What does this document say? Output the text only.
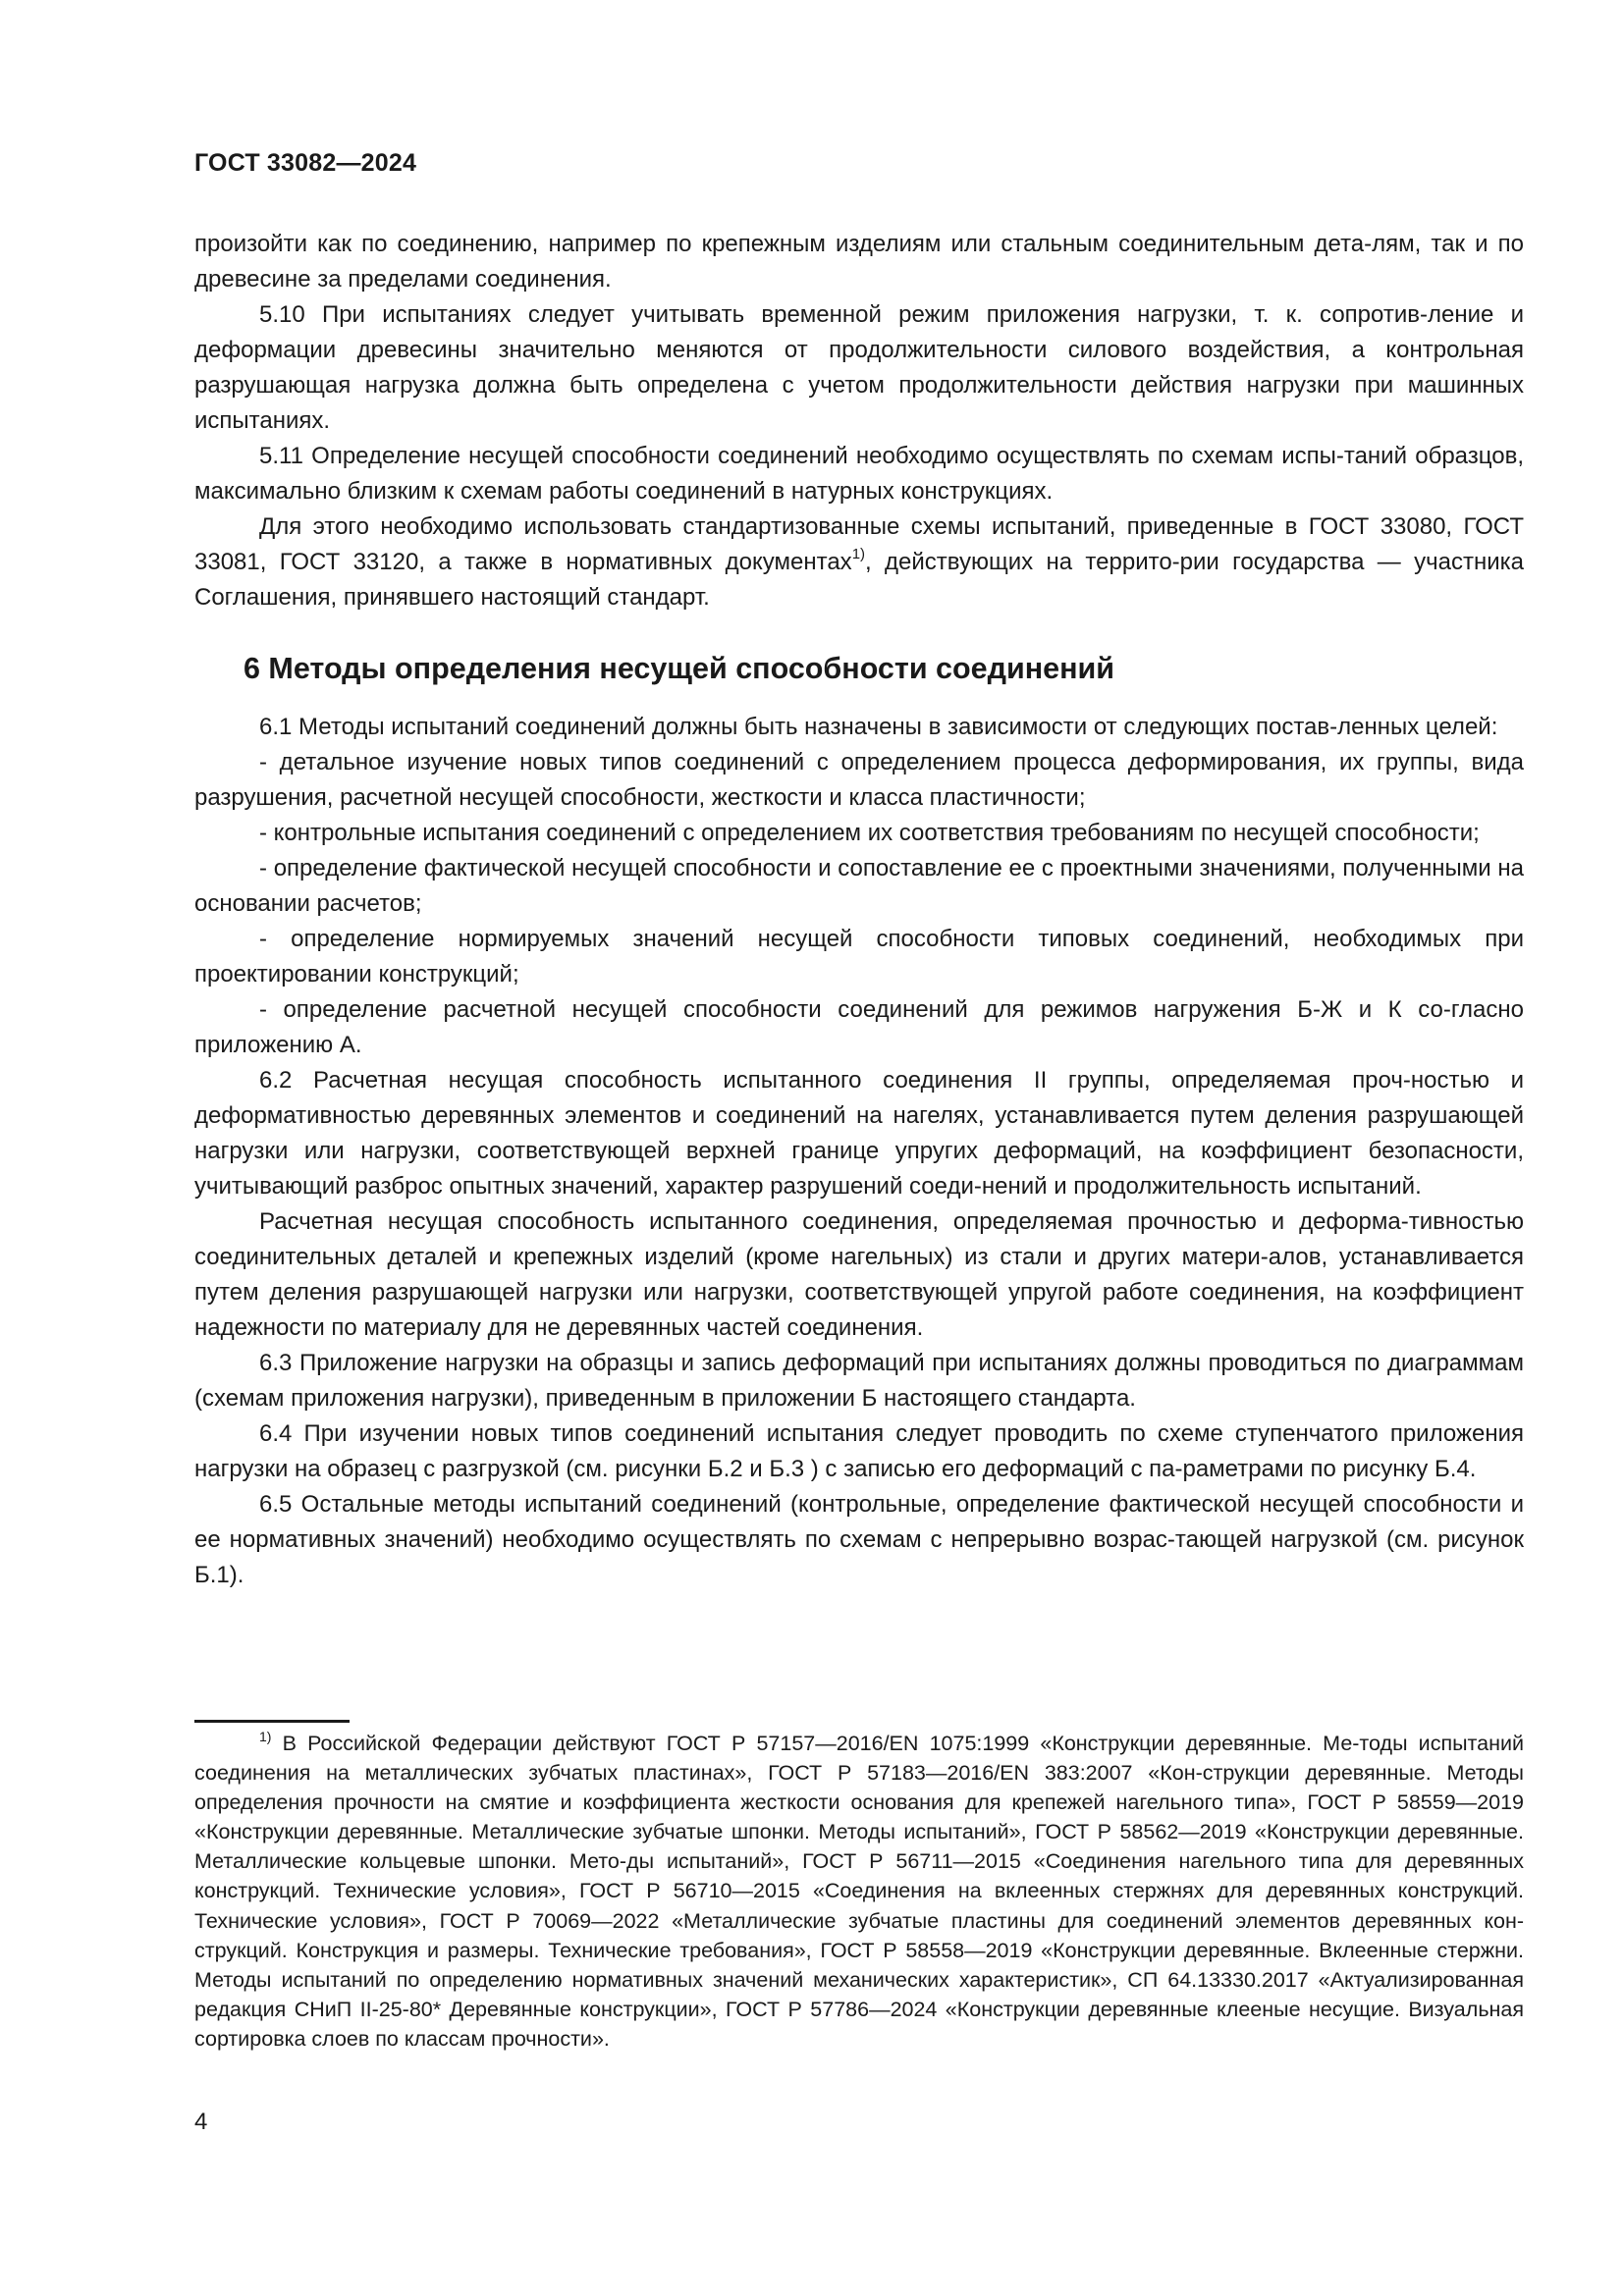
ГОСТ 33082—2024

произойти как по соединению, например по крепежным изделиям или стальным соединительным дета-лям, так и по древесине за пределами соединения.

5.10 При испытаниях следует учитывать временной режим приложения нагрузки, т. к. сопротив-ление и деформации древесины значительно меняются от продолжительности силового воздействия, а контрольная разрушающая нагрузка должна быть определена с учетом продолжительности действия нагрузки при машинных испытаниях.

5.11 Определение несущей способности соединений необходимо осуществлять по схемам испы-таний образцов, максимально близким к схемам работы соединений в натурных конструкциях.

Для этого необходимо использовать стандартизованные схемы испытаний, приведенные в ГОСТ 33080, ГОСТ 33081, ГОСТ 33120, а также в нормативных документах$^{1)}$, действующих на террито-рии государства — участника Соглашения, принявшего настоящий стандарт.

6 Методы определения несущей способности соединений

6.1 Методы испытаний соединений должны быть назначены в зависимости от следующих постав-ленных целей:

- детальное изучение новых типов соединений с определением процесса деформирования, их группы, вида разрушения, расчетной несущей способности, жесткости и класса пластичности;

- контрольные испытания соединений с определением их соответствия требованиям по несущей способности;

- определение фактической несущей способности и сопоставление ее с проектными значениями, полученными на основании расчетов;

- определение нормируемых значений несущей способности типовых соединений, необходимых при проектировании конструкций;

- определение расчетной несущей способности соединений для режимов нагружения Б-Ж и К со-гласно приложению А.

6.2 Расчетная несущая способность испытанного соединения II группы, определяемая проч-ностью и деформативностью деревянных элементов и соединений на нагелях, устанавливается путем деления разрушающей нагрузки или нагрузки, соответствующей верхней границе упругих деформаций, на коэффициент безопасности, учитывающий разброс опытных значений, характер разрушений соеди-нений и продолжительность испытаний.

Расчетная несущая способность испытанного соединения, определяемая прочностью и деформа-тивностью соединительных деталей и крепежных изделий (кроме нагельных) из стали и других матери-алов, устанавливается путем деления разрушающей нагрузки или нагрузки, соответствующей упругой работе соединения, на коэффициент надежности по материалу для не деревянных частей соединения.

6.3 Приложение нагрузки на образцы и запись деформаций при испытаниях должны проводиться по диаграммам (схемам приложения нагрузки), приведенным в приложении Б настоящего стандарта.

6.4 При изучении новых типов соединений испытания следует проводить по схеме ступенчатого приложения нагрузки на образец с разгрузкой (см. рисунки Б.2 и Б.3 ) с записью его деформаций с па-раметрами по рисунку Б.4.

6.5 Остальные методы испытаний соединений (контрольные, определение фактической несущей способности и ее нормативных значений) необходимо осуществлять по схемам с непрерывно возрас-тающей нагрузкой (см. рисунок Б.1).

$^{1)}$ В Российской Федерации действуют ГОСТ Р 57157—2016/EN 1075:1999 «Конструкции деревянные. Ме-тоды испытаний соединения на металлических зубчатых пластинах», ГОСТ Р 57183—2016/EN 383:2007 «Кон-струкции деревянные. Методы определения прочности на смятие и коэффициента жесткости основания для крепежей нагельного типа», ГОСТ Р 58559—2019 «Конструкции деревянные. Металлические зубчатые шпонки. Методы испытаний», ГОСТ Р 58562—2019 «Конструкции деревянные. Металлические кольцевые шпонки. Мето-ды испытаний», ГОСТ Р 56711—2015 «Соединения нагельного типа для деревянных конструкций. Технические условия», ГОСТ Р 56710—2015 «Соединения на вклеенных стержнях для деревянных конструкций. Технические условия», ГОСТ Р 70069—2022 «Металлические зубчатые пластины для соединений элементов деревянных кон-струкций. Конструкция и размеры. Технические требования», ГОСТ Р 58558—2019 «Конструкции деревянные. Вклеенные стержни. Методы испытаний по определению нормативных значений механических характеристик», СП 64.13330.2017 «Актуализированная редакция СНиП II-25-80* Деревянные конструкции», ГОСТ Р 57786—2024 «Конструкции деревянные клееные несущие. Визуальная сортировка слоев по классам прочности».

4
